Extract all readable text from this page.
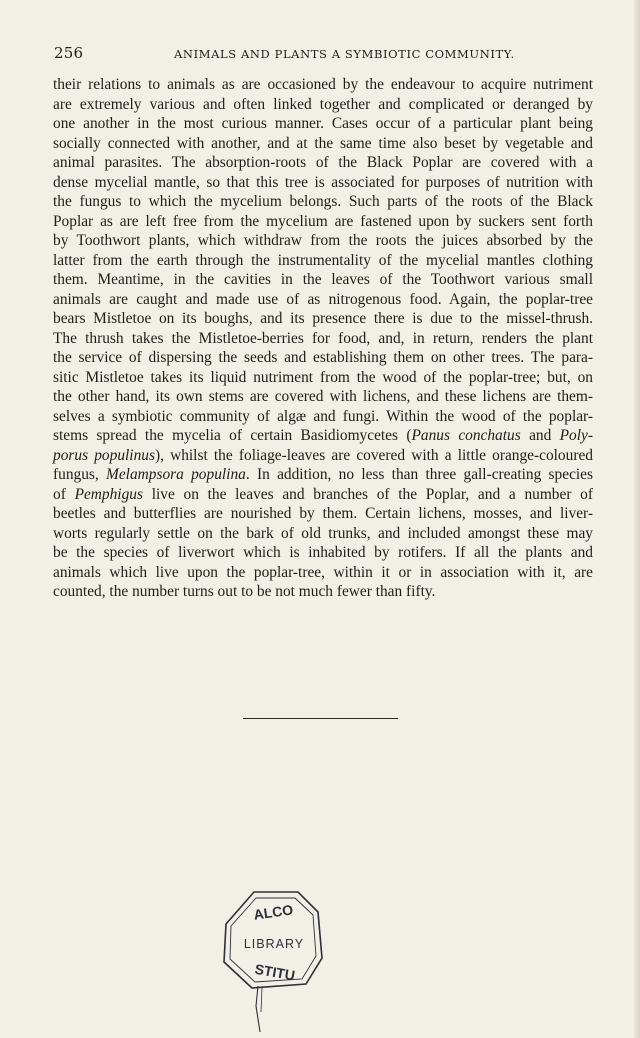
256	ANIMALS AND PLANTS A SYMBIOTIC COMMUNITY.

their relations to animals as are occasioned by the endeavour to acquire nutriment
are extremely various and often linked together and complicated or deranged by
one another in the most curious manner. Cases occur of a particular plant being
socially connected with another, and at the same time also beset by vegetable and
animal parasites. The absorption-roots of the Black Poplar are covered with a
dense mycelial mantle, so that this tree is associated for purposes of nutrition with
the fungus to which the mycelium belongs. Such parts of the roots of the Black
Poplar as are left free from the mycelium are fastened upon by suckers sent forth
by Toothwort plants, which withdraw from the roots the juices absorbed by the
latter from the earth through the instrumentality of the mycelial mantles clothing
them. Meantime, in the cavities in the leaves of the Toothwort various small
animals are caught and made use of as nitrogenous food. Again, the poplar-tree
bears Mistletoe on its boughs, and its presence there is due to the missel-thrush.
The thrush takes the Mistletoe-berries for food, and, in return, renders the plant
the service of dispersing the seeds and establishing them on other trees. The para-
sitic Mistletoe takes its liquid nutriment from the wood of the poplar-tree; but, on
the other hand, its own stems are covered with lichens, and these lichens are them-
selves a symbiotic community of algæ and fungi. Within the wood of the poplar-
stems spread the mycelia of certain Basidiomycetes (Panus conchatus and Poly-
porus populinus), whilst the foliage-leaves are covered with a little orange-coloured
fungus, Melampsora populina. In addition, no less than three gall-creating species
of Pemphigus live on the leaves and branches of the Poplar, and a number of
beetles and butterflies are nourished by them. Certain lichens, mosses, and liver-
worts regularly settle on the bark of old trunks, and included amongst these may
be the species of liverwort which is inhabited by rotifers. If all the plants and
animals which live upon the poplar-tree, within it or in association with it, are
counted, the number turns out to be not much fewer than fifty.

ALCO
LIBRARY
STITU
